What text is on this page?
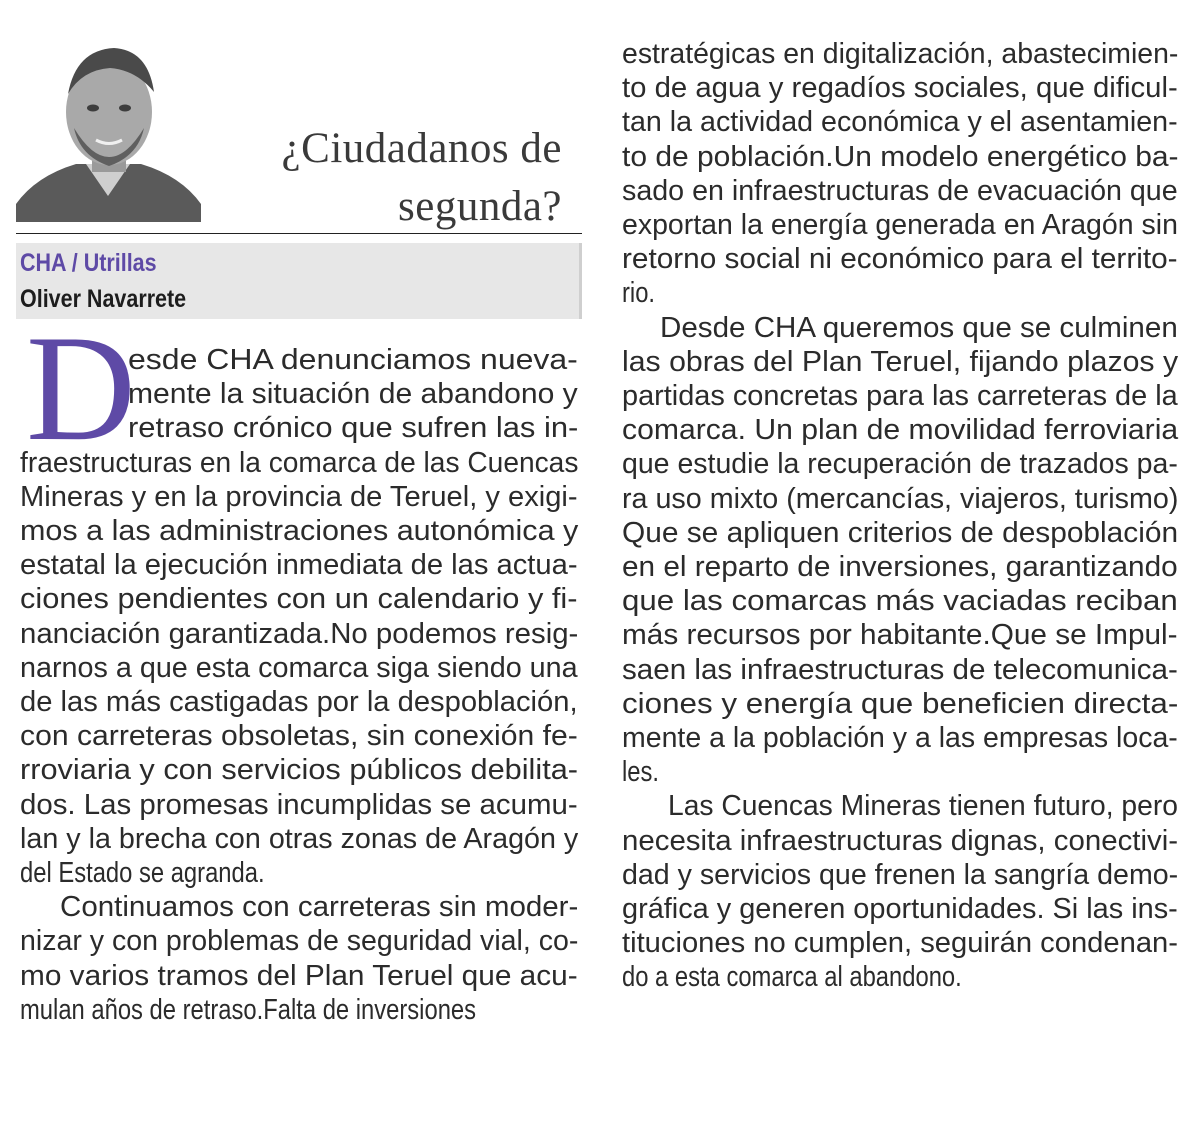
¿Ciudadanos de
segunda?
CHA / Utrillas
Oliver Navarrete
D
esde CHA denunciamos nueva-
mente la situación de abandono y
retraso crónico que sufren las in-
fraestructuras en la comarca de las Cuencas
Mineras y en la provincia de Teruel, y exigi-
mos a las administraciones autonómica y
estatal la ejecución inmediata de las actua-
ciones pendientes con un calendario y fi-
nanciación garantizada.No podemos resig-
narnos a que esta comarca siga siendo una
de las más castigadas por la despoblación,
con carreteras obsoletas, sin conexión fe-
rroviaria y con servicios públicos debilita-
dos. Las promesas incumplidas se acumu-
lan y la brecha con otras zonas de Aragón y
del Estado se agranda.
Continuamos con carreteras sin moder-
nizar y con problemas de seguridad vial, co-
mo varios tramos del Plan Teruel que acu-
mulan años de retraso.Falta de inversiones
estratégicas en digitalización, abastecimien-
to de agua y regadíos sociales, que dificul-
tan la actividad económica y el asentamien-
to de población.Un modelo energético ba-
sado en infraestructuras de evacuación que
exportan la energía generada en Aragón sin
retorno social ni económico para el territo-
rio.
Desde CHA queremos que se culminen
las obras del Plan Teruel, fijando plazos y
partidas concretas para las carreteras de la
comarca. Un plan de movilidad ferroviaria
que estudie la recuperación de trazados pa-
ra uso mixto (mercancías, viajeros, turismo)
Que se apliquen criterios de despoblación
en el reparto de inversiones, garantizando
que las comarcas más vaciadas reciban
más recursos por habitante.Que se Impul-
saen las infraestructuras de telecomunica-
ciones y energía que beneficien directa-
mente a la población y a las empresas loca-
les.
Las Cuencas Mineras tienen futuro, pero
necesita infraestructuras dignas, conectivi-
dad y servicios que frenen la sangría demo-
gráfica y generen oportunidades. Si las ins-
tituciones no cumplen, seguirán condenan-
do a esta comarca al abandono.
